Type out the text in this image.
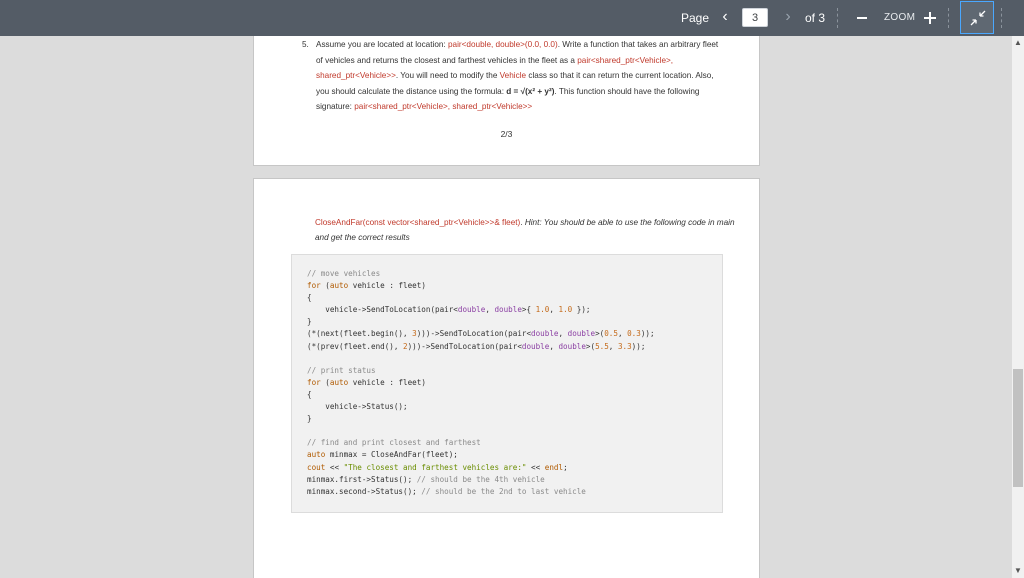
Page ‹
3	›	of 3	ZOOM
5. Assume you are located at location: pair<double, double>(0.0, 0.0). Write a function that takes an arbitrary fleet of vehicles and returns the closest and farthest vehicles in the fleet as a pair<shared_ptr<Vehicle>, shared_ptr<Vehicle>>. You will need to modify the Vehicle class so that it can return the current location. Also, you should calculate the distance using the formula: d = √(x² + y²). This function should have the following signature: pair<shared_ptr<Vehicle>, shared_ptr<Vehicle>>
2/3
CloseAndFar(const vector<shared_ptr<Vehicle>>& fleet). Hint: You should be able to use the following code in main and get the correct results
// move vehicles
for (auto vehicle : fleet)
{
vehicle->SendToLocation(pair<double, double>{ 1.0, 1.0 });
}
(*(next(fleet.begin(), 3)))->SendToLocation(pair<double, double>(0.5, 0.3));
(*(prev(fleet.end(), 2)))->SendToLocation(pair<double, double>(5.5, 3.3));

// print status
for (auto vehicle : fleet)
{
vehicle->Status();
}

// find and print closest and farthest
auto minmax = CloseAndFar(fleet);
cout << "The closest and farthest vehicles are:" << endl;
minmax.first->Status(); // should be the 4th vehicle
minmax.second->Status(); // should be the 2nd to last vehicle
▲
▼
